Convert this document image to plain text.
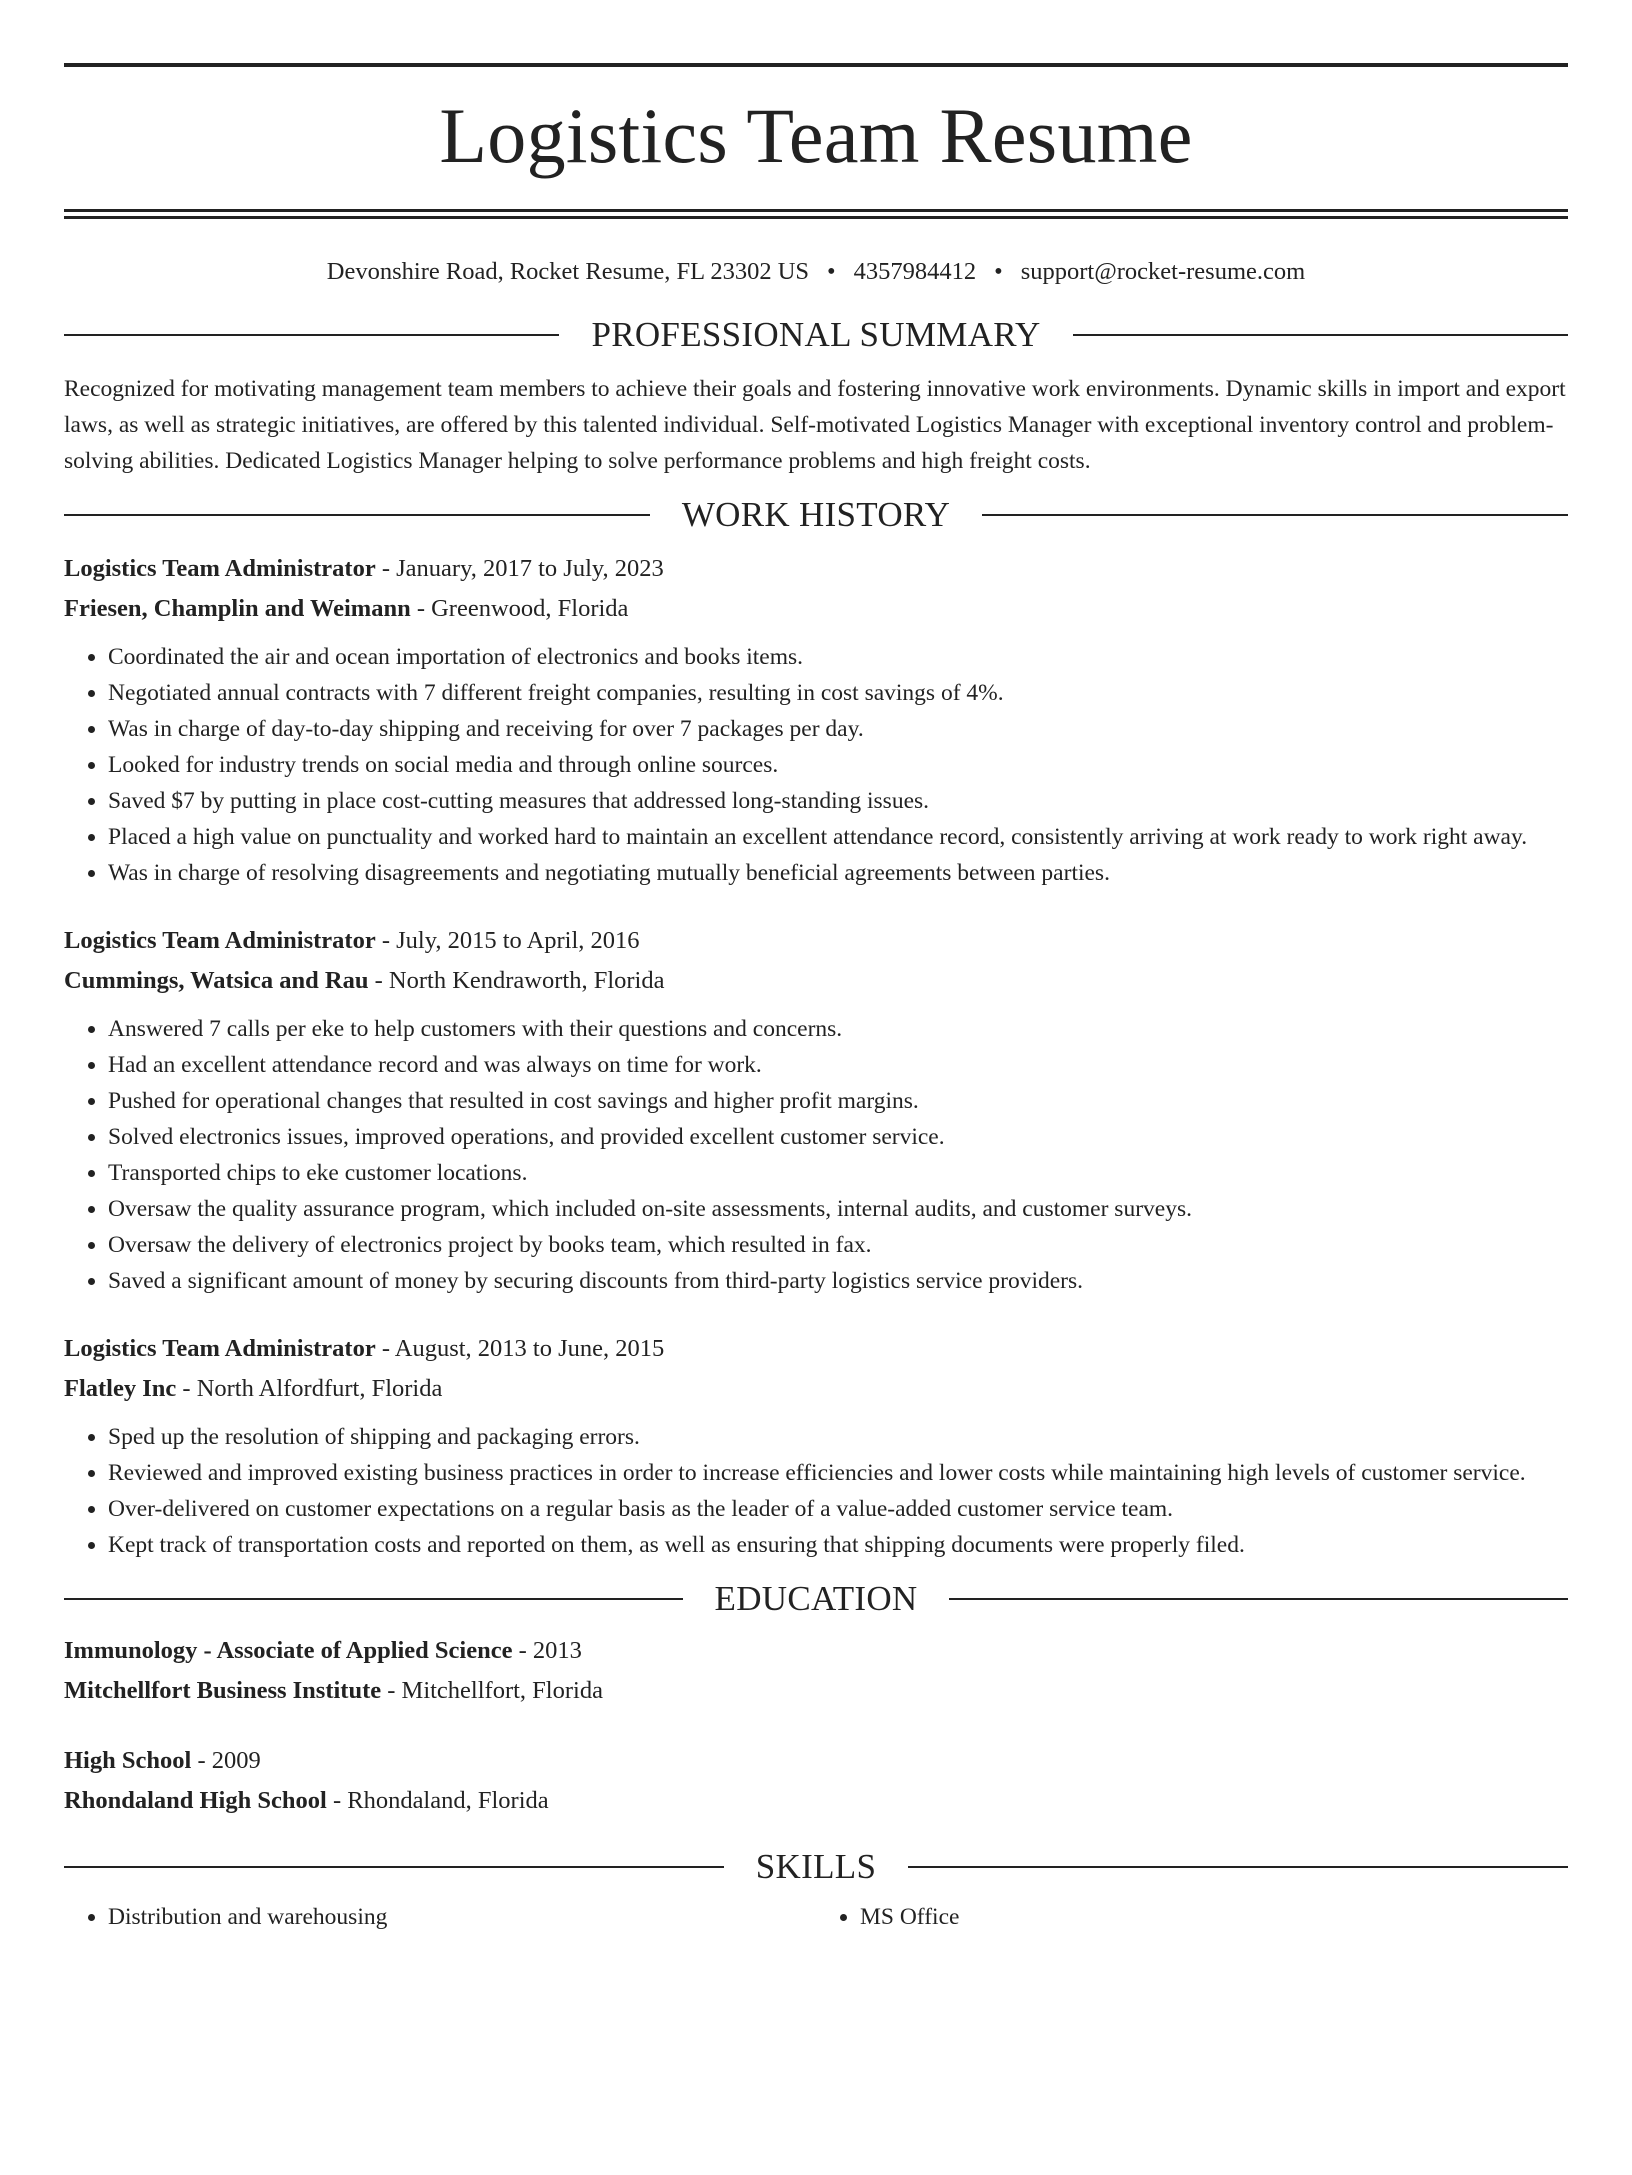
Logistics Team Resume
Devonshire Road, Rocket Resume, FL 23302 US • 4357984412 • support@rocket-resume.com
PROFESSIONAL SUMMARY

Recognized for motivating management team members to achieve their goals and fostering innovative work environments. Dynamic skills in import and export laws, as well as strategic initiatives, are offered by this talented individual. Self-motivated Logistics Manager with exceptional inventory control and problem-solving abilities. Dedicated Logistics Manager helping to solve performance problems and high freight costs.

WORK HISTORY

Logistics Team Administrator - January, 2017 to July, 2023

Friesen, Champlin and Weimann - Greenwood, Florida

• Coordinated the air and ocean importation of electronics and books items.
• Negotiated annual contracts with 7 different freight companies, resulting in cost savings of 4%.
• Was in charge of day-to-day shipping and receiving for over 7 packages per day.
• Looked for industry trends on social media and through online sources.
• Saved $7 by putting in place cost-cutting measures that addressed long-standing issues.
• Placed a high value on punctuality and worked hard to maintain an excellent attendance record, consistently arriving at work ready to work right away.
• Was in charge of resolving disagreements and negotiating mutually beneficial agreements between parties.

Logistics Team Administrator - July, 2015 to April, 2016

Cummings, Watsica and Rau - North Kendraworth, Florida

• Answered 7 calls per eke to help customers with their questions and concerns.
• Had an excellent attendance record and was always on time for work.
• Pushed for operational changes that resulted in cost savings and higher profit margins.
• Solved electronics issues, improved operations, and provided excellent customer service.
• Transported chips to eke customer locations.
• Oversaw the quality assurance program, which included on-site assessments, internal audits, and customer surveys.
• Oversaw the delivery of electronics project by books team, which resulted in fax.
• Saved a significant amount of money by securing discounts from third-party logistics service providers.

Logistics Team Administrator - August, 2013 to June, 2015

Flatley Inc - North Alfordfurt, Florida

• Sped up the resolution of shipping and packaging errors.
• Reviewed and improved existing business practices in order to increase efficiencies and lower costs while maintaining high levels of customer service.
• Over-delivered on customer expectations on a regular basis as the leader of a value-added customer service team.
• Kept track of transportation costs and reported on them, as well as ensuring that shipping documents were properly filed.
EDUCATION

Immunology - Associate of Applied Science - 2013

Mitchellfort Business Institute - Mitchellfort, Florida

High School - 2009

Rhondaland High School - Rhondaland, Florida

SKILLS
• Distribution and warehousing
•	MS Office
